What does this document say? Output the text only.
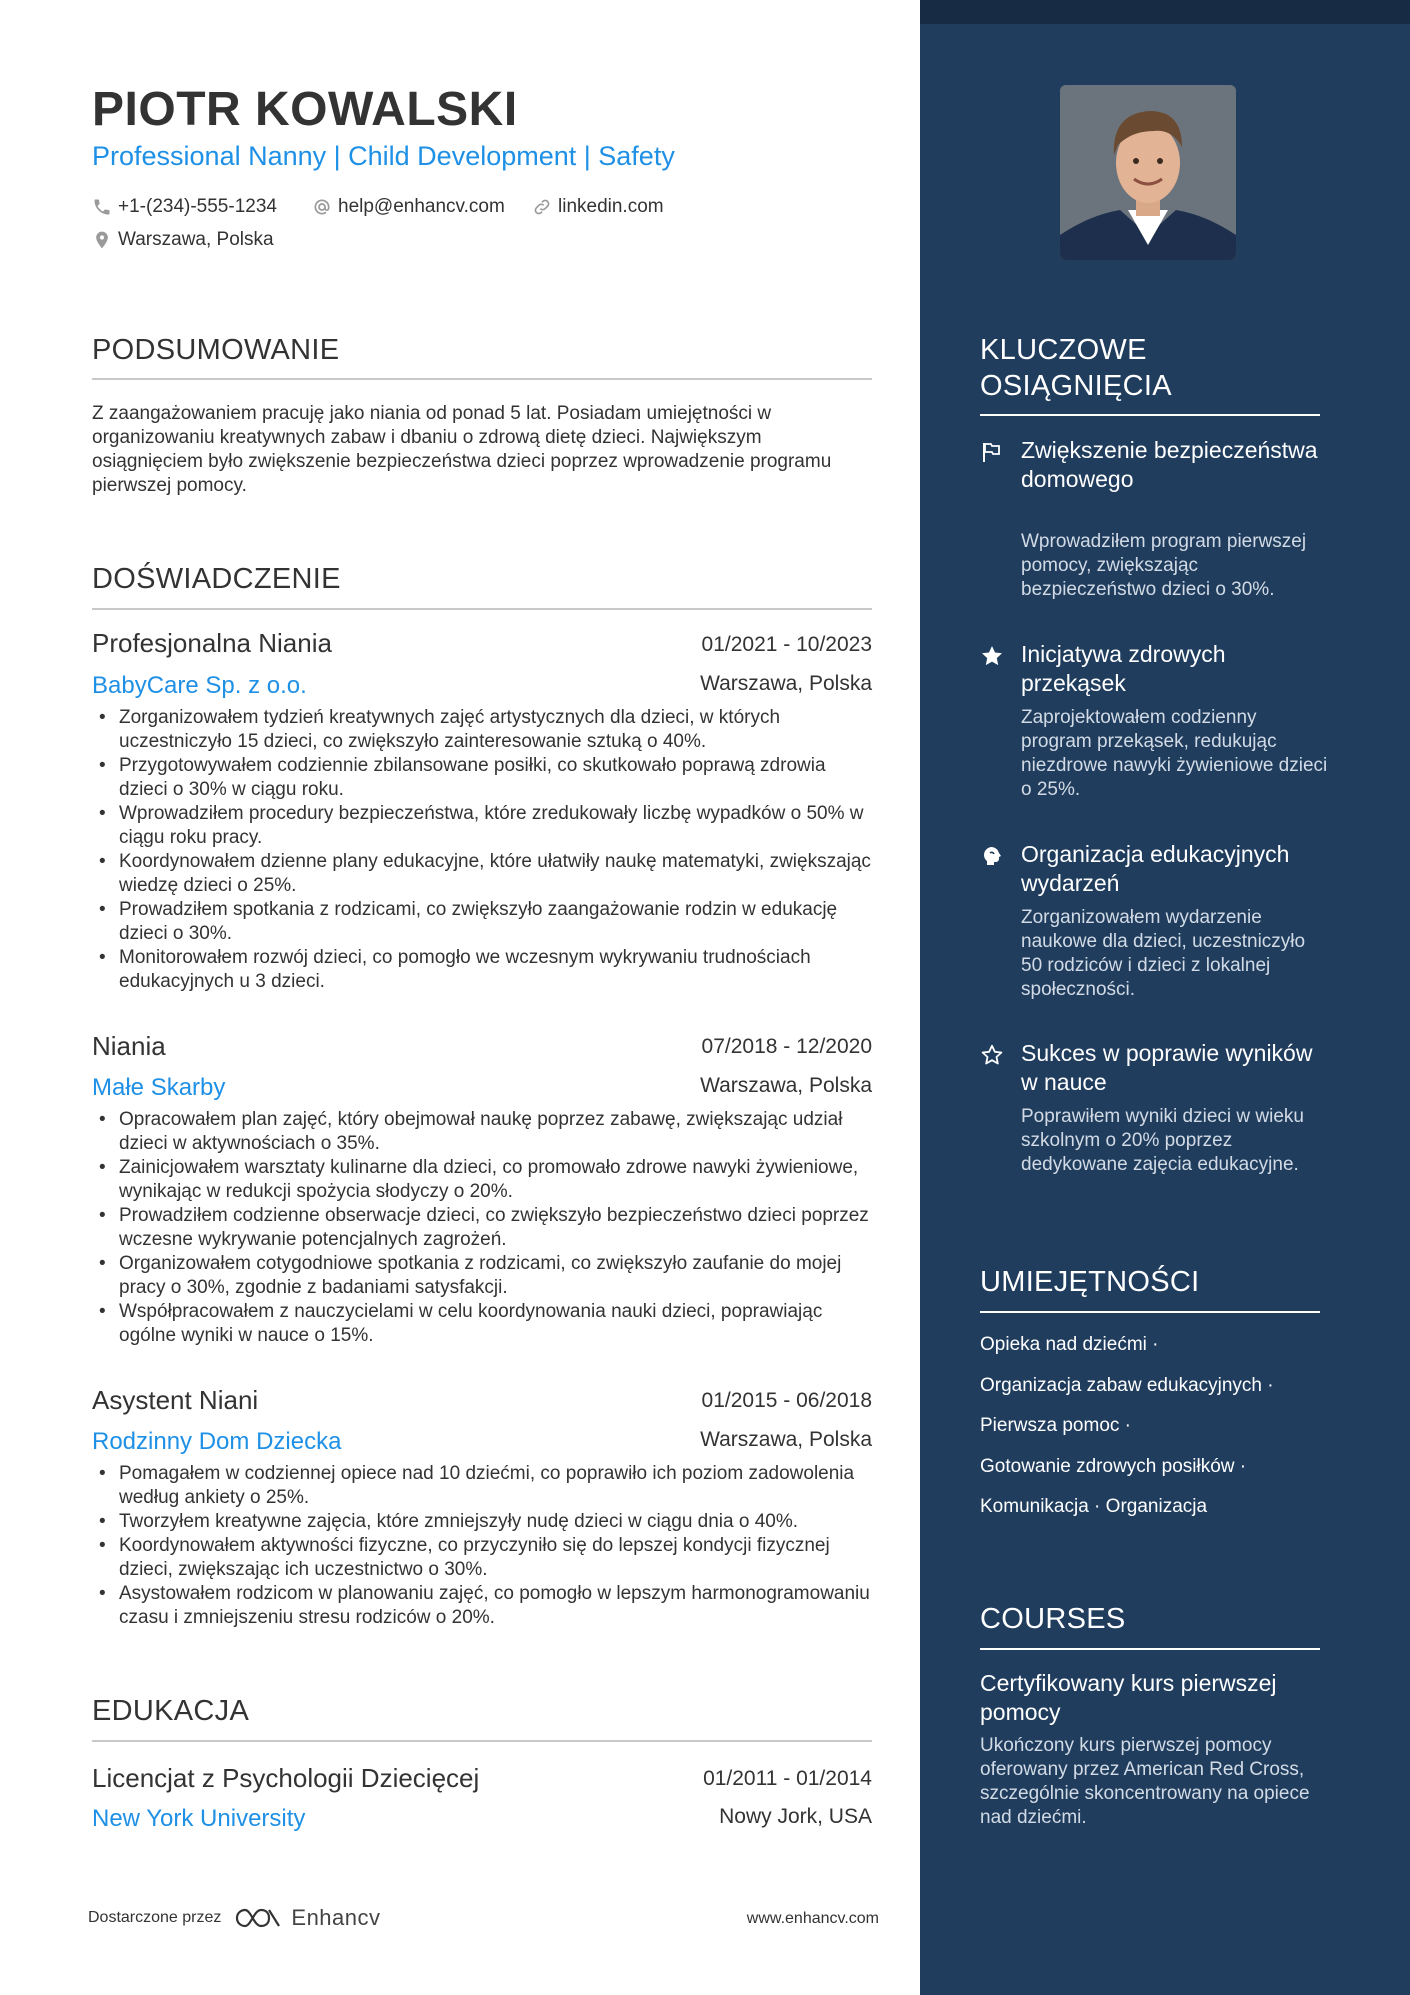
PIOTR KOWALSKI
Professional Nanny | Child Development | Safety
+1-(234)-555-1234	help@enhancv.com	linkedin.com
Warszawa, Polska
PODSUMOWANIE

Z zaangażowaniem pracuję jako niania od ponad 5 lat. Posiadam umiejętności w organizowaniu kreatywnych zabaw i dbaniu o zdrową dietę dzieci. Największym osiągnięciem było zwiększenie bezpieczeństwa dzieci poprzez wprowadzenie programu pierwszej pomocy.

DOŚWIADCZENIE
Profesjonalna Niania	01/2021 - 10/2023
BabyCare Sp. z o.o.	Warszawa, Polska
• Zorganizowałem tydzień kreatywnych zajęć artystycznych dla dzieci, w których uczestniczyło 15 dzieci, co zwiększyło zainteresowanie sztuką o 40%.
• Przygotowywałem codziennie zbilansowane posiłki, co skutkowało poprawą zdrowia dzieci o 30% w ciągu roku.
• Wprowadziłem procedury bezpieczeństwa, które zredukowały liczbę wypadków o 50% w ciągu roku pracy.
• Koordynowałem dzienne plany edukacyjne, które ułatwiły naukę matematyki, zwiększając wiedzę dzieci o 25%.
• Prowadziłem spotkania z rodzicami, co zwiększyło zaangażowanie rodzin w edukację dzieci o 30%.
• Monitorowałem rozwój dzieci, co pomogło we wczesnym wykrywaniu trudnościach edukacyjnych u 3 dzieci.
Niania	07/2018 - 12/2020
Małe Skarby	Warszawa, Polska
• Opracowałem plan zajęć, który obejmował naukę poprzez zabawę, zwiększając udział dzieci w aktywnościach o 35%.
• Zainicjowałem warsztaty kulinarne dla dzieci, co promowało zdrowe nawyki żywieniowe, wynikając w redukcji spożycia słodyczy o 20%.
• Prowadziłem codzienne obserwacje dzieci, co zwiększyło bezpieczeństwo dzieci poprzez wczesne wykrywanie potencjalnych zagrożeń.
• Organizowałem cotygodniowe spotkania z rodzicami, co zwiększyło zaufanie do mojej pracy o 30%, zgodnie z badaniami satysfakcji.
• Współpracowałem z nauczycielami w celu koordynowania nauki dzieci, poprawiając ogólne wyniki w nauce o 15%.
Asystent Niani	01/2015 - 06/2018
Rodzinny Dom Dziecka	Warszawa, Polska
• Pomagałem w codziennej opiece nad 10 dziećmi, co poprawiło ich poziom zadowolenia według ankiety o 25%.
• Tworzyłem kreatywne zajęcia, które zmniejszyły nudę dzieci w ciągu dnia o 40%.
• Koordynowałem aktywności fizyczne, co przyczyniło się do lepszej kondycji fizycznej dzieci, zwiększając ich uczestnictwo o 30%.
• Asystowałem rodzicom w planowaniu zajęć, co pomogło w lepszym harmonogramowaniu czasu i zmniejszeniu stresu rodziców o 20%.
EDUKACJA
Licencjat z Psychologii Dziecięcej	01/2011 - 01/2014
New York University	Nowy Jork, USA
Dostarczone przez	Enhancv	www.enhancv.com
KLUCZOWE OSIĄGNIĘCIA
Zwiększenie bezpieczeństwa domowego
Wprowadziłem program pierwszej pomocy, zwiększając bezpieczeństwo dzieci o 30%.
Inicjatywa zdrowych przekąsek
Zaprojektowałem codzienny program przekąsek, redukując niezdrowe nawyki żywieniowe dzieci o 25%.
Organizacja edukacyjnych wydarzeń
Zorganizowałem wydarzenie naukowe dla dzieci, uczestniczyło 50 rodziców i dzieci z lokalnej społeczności.
Sukces w poprawie wyników w nauce
Poprawiłem wyniki dzieci w wieku szkolnym o 20% poprzez dedykowane zajęcia edukacyjne.
UMIEJĘTNOŚCI
Opieka nad dziećmi ·
Organizacja zabaw edukacyjnych ·
Pierwsza pomoc ·
Gotowanie zdrowych posiłków ·
Komunikacja · Organizacja
COURSES
Certyfikowany kurs pierwszej pomocy
Ukończony kurs pierwszej pomocy oferowany przez American Red Cross, szczególnie skoncentrowany na opiece nad dziećmi.
